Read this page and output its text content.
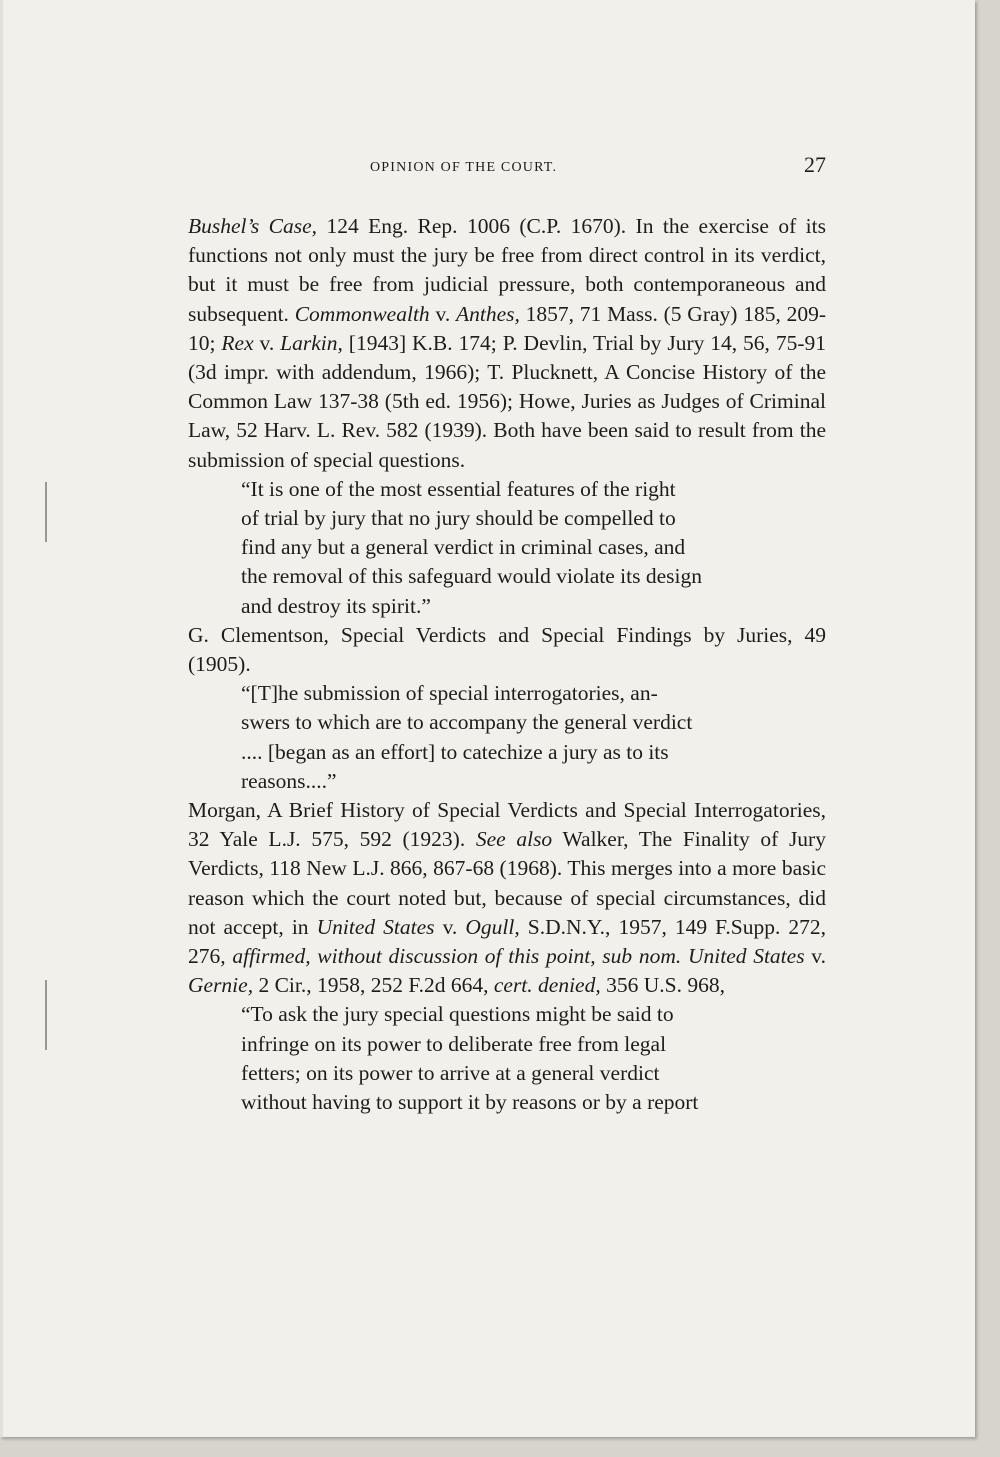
OPINION OF THE COURT.	27

Bushel’s Case, 124 Eng. Rep. 1006 (C.P. 1670). In the exercise of its functions not only must the jury be free from direct control in its verdict, but it must be free from judicial pressure, both contemporaneous and subsequent. Commonwealth v. Anthes, 1857, 71 Mass. (5 Gray) 185, 209-10; Rex v. Larkin, [1943] K.B. 174; P. Devlin, Trial by Jury 14, 56, 75-91 (3d impr. with addendum, 1966); T. Plucknett, A Concise History of the Common Law 137-38 (5th ed. 1956); Howe, Juries as Judges of Criminal Law, 52 Harv. L. Rev. 582 (1939). Both have been said to result from the submission of special questions.

“It is one of the most essential features of the right
of trial by jury that no jury should be compelled to
find any but a general verdict in criminal cases, and
the removal of this safeguard would violate its design
and destroy its spirit.”

G. Clementson, Special Verdicts and Special Findings by Juries, 49 (1905).

“[T]he submission of special interrogatories, an-
swers to which are to accompany the general verdict
.... [began as an effort] to catechize a jury as to its
reasons....”

Morgan, A Brief History of Special Verdicts and Special Interrogatories, 32 Yale L.J. 575, 592 (1923). See also Walker, The Finality of Jury Verdicts, 118 New L.J. 866, 867-68 (1968). This merges into a more basic reason which the court noted but, because of special circumstances, did not accept, in United States v. Ogull, S.D.N.Y., 1957, 149 F.Supp. 272, 276, affirmed, without discussion of this point, sub nom. United States v. Gernie, 2 Cir., 1958, 252 F.2d 664, cert. denied, 356 U.S. 968,

“To ask the jury special questions might be said to
infringe on its power to deliberate free from legal
fetters; on its power to arrive at a general verdict
without having to support it by reasons or by a report
